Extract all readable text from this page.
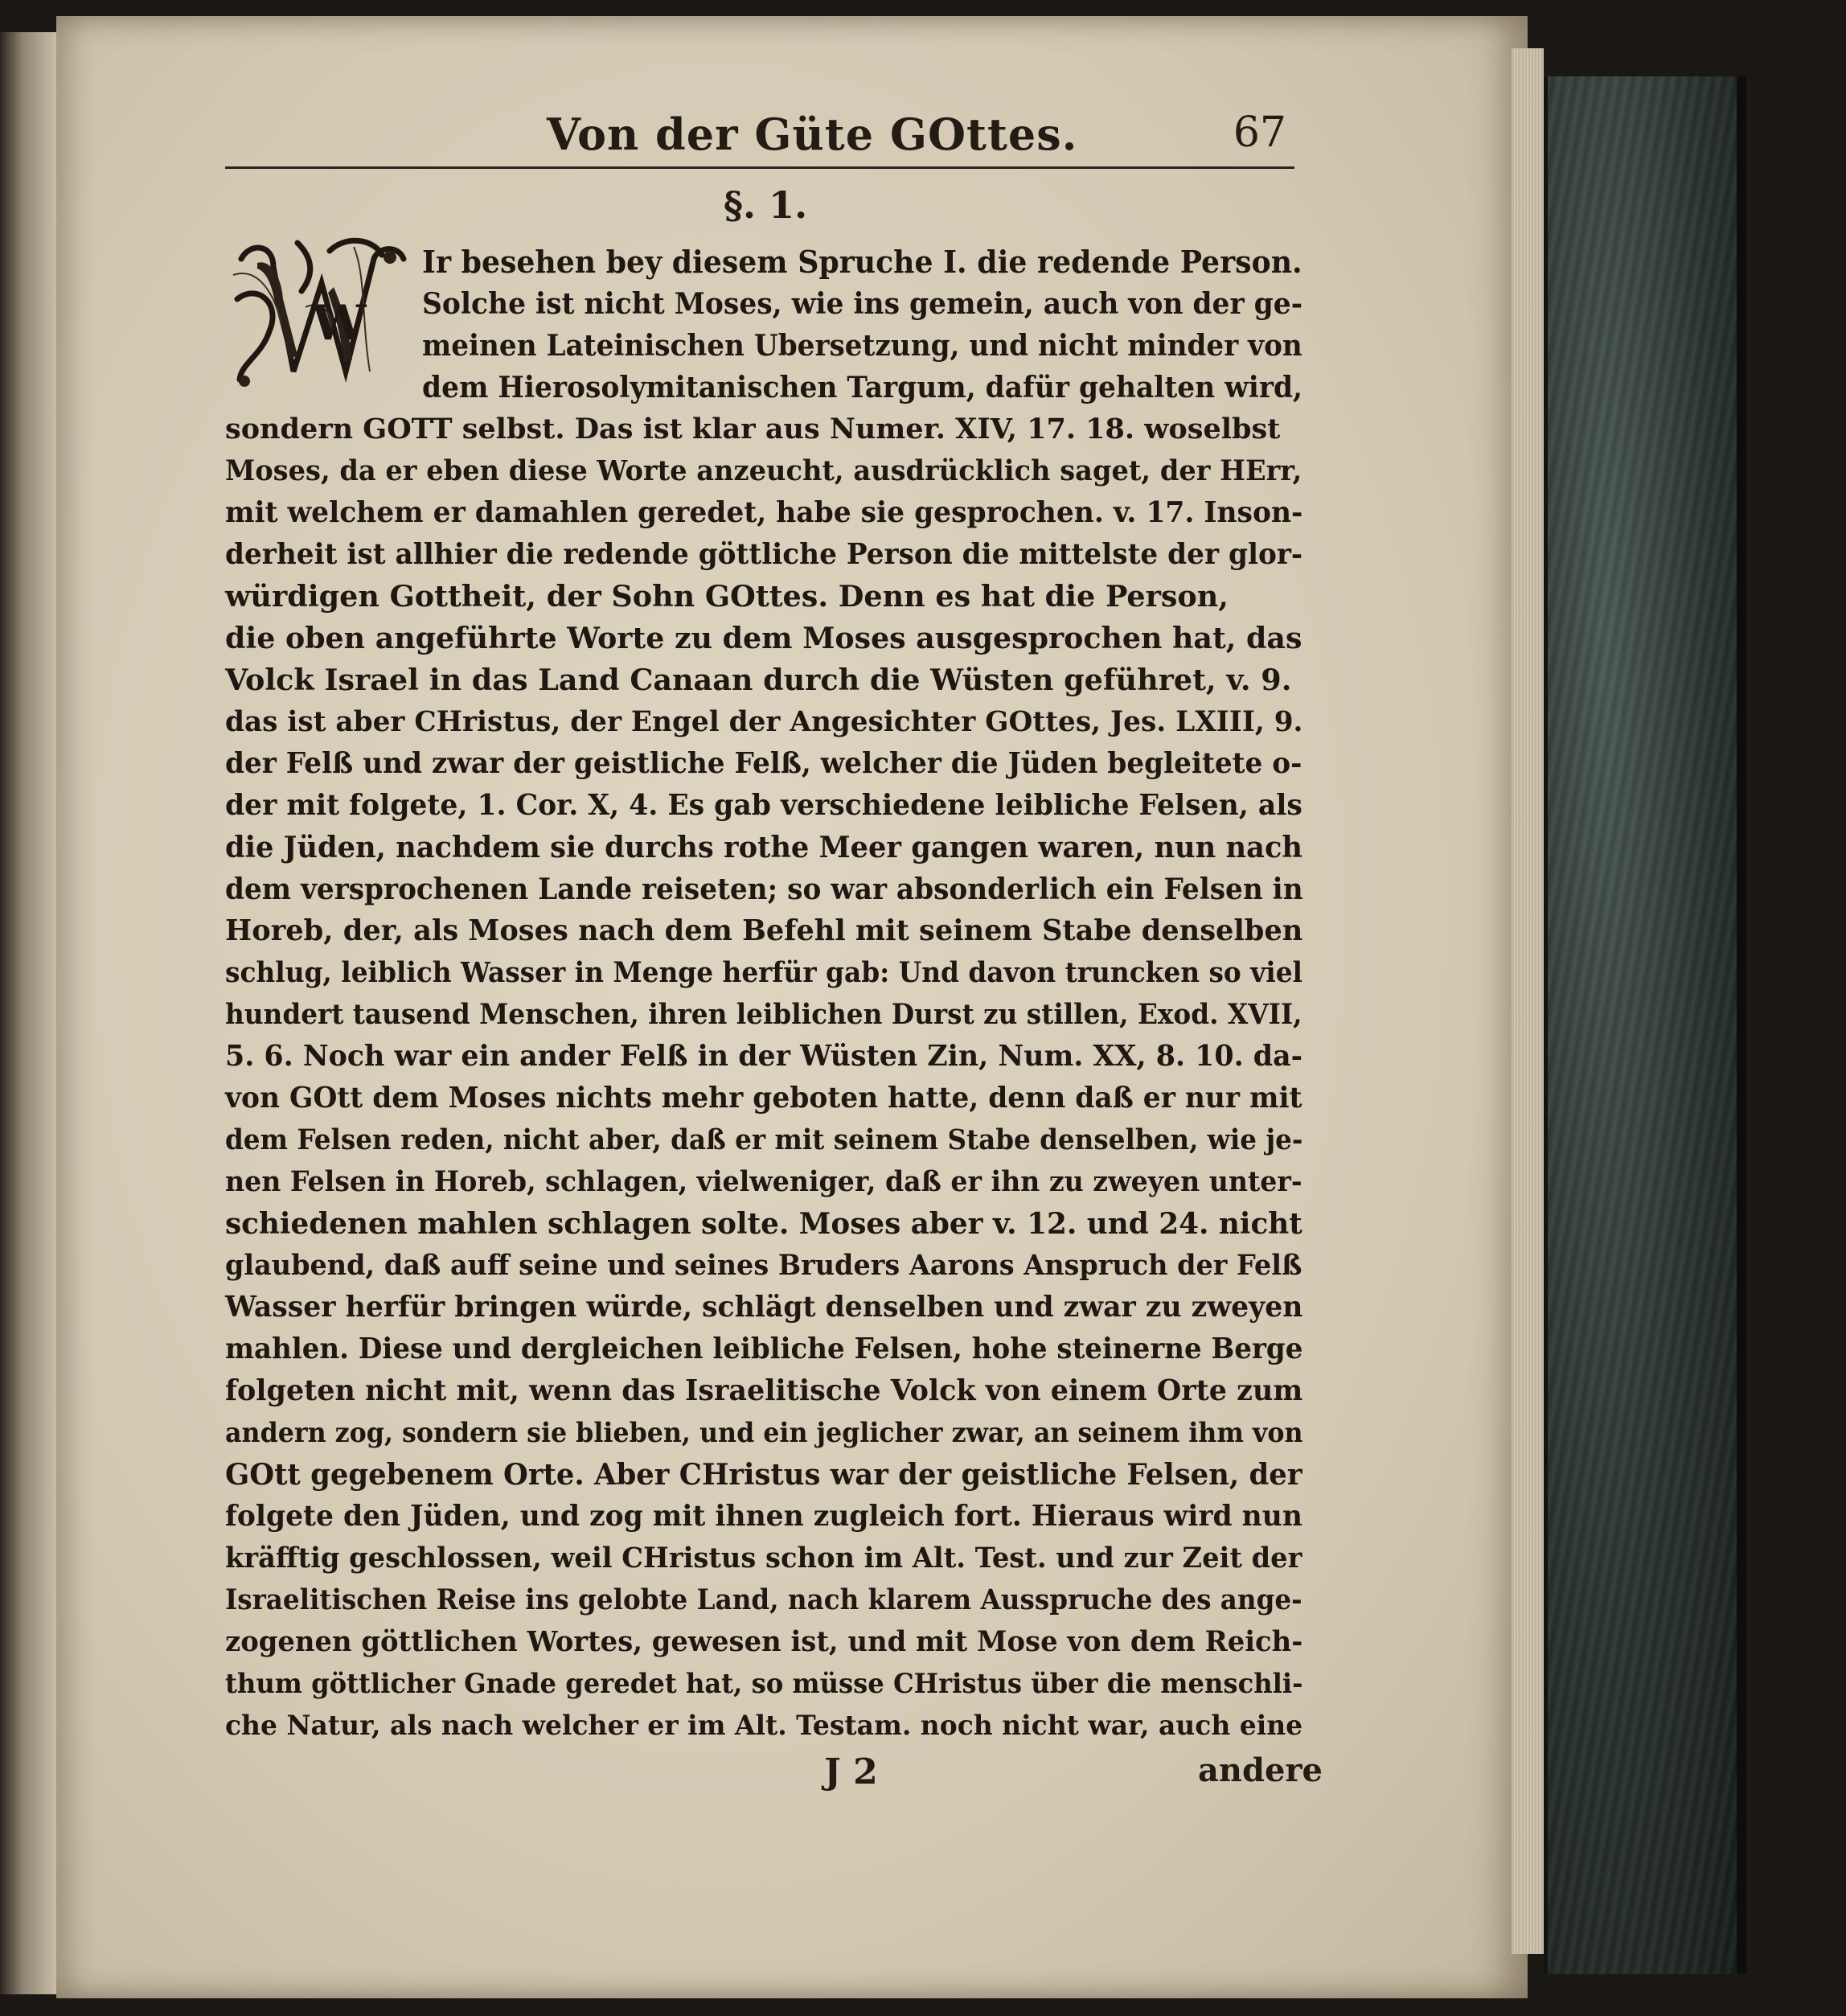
Von der Güte GOttes.	67
§. 1.
W
Ir besehen bey diesem Spruche I. die redende Person.
Solche ist nicht Moses, wie ins gemein, auch von der ge-
meinen Lateinischen Ubersetzung, und nicht minder von
dem Hierosolymitanischen Targum, dafür gehalten wird,
sondern GOTT selbst. Das ist klar aus Numer. XIV, 17. 18. woselbst
Moses, da er eben diese Worte anzeucht, ausdrücklich saget, der HErr,
mit welchem er damahlen geredet, habe sie gesprochen. v. 17. Inson-
derheit ist allhier die redende göttliche Person die mittelste der glor-
würdigen Gottheit, der Sohn GOttes. Denn es hat die Person,
die oben angeführte Worte zu dem Moses ausgesprochen hat, das
Volck Israel in das Land Canaan durch die Wüsten geführet, v. 9.
das ist aber CHristus, der Engel der Angesichter GOttes, Jes. LXIII, 9.
der Felß und zwar der geistliche Felß, welcher die Jüden begleitete o-
der mit folgete, 1. Cor. X, 4. Es gab verschiedene leibliche Felsen, als
die Jüden, nachdem sie durchs rothe Meer gangen waren, nun nach
dem versprochenen Lande reiseten; so war absonderlich ein Felsen in
Horeb, der, als Moses nach dem Befehl mit seinem Stabe denselben
schlug, leiblich Wasser in Menge herfür gab: Und davon truncken so viel
hundert tausend Menschen, ihren leiblichen Durst zu stillen, Exod. XVII,
5. 6. Noch war ein ander Felß in der Wüsten Zin, Num. XX, 8. 10. da-
von GOtt dem Moses nichts mehr geboten hatte, denn daß er nur mit
dem Felsen reden, nicht aber, daß er mit seinem Stabe denselben, wie je-
nen Felsen in Horeb, schlagen, vielweniger, daß er ihn zu zweyen unter-
schiedenen mahlen schlagen solte. Moses aber v. 12. und 24. nicht
glaubend, daß auff seine und seines Bruders Aarons Anspruch der Felß
Wasser herfür bringen würde, schlägt denselben und zwar zu zweyen
mahlen. Diese und dergleichen leibliche Felsen, hohe steinerne Berge
folgeten nicht mit, wenn das Israelitische Volck von einem Orte zum
andern zog, sondern sie blieben, und ein jeglicher zwar, an seinem ihm von
GOtt gegebenem Orte. Aber CHristus war der geistliche Felsen, der
folgete den Jüden, und zog mit ihnen zugleich fort. Hieraus wird nun
kräfftig geschlossen, weil CHristus schon im Alt. Test. und zur Zeit der
Israelitischen Reise ins gelobte Land, nach klarem Ausspruche des ange-
zogenen göttlichen Wortes, gewesen ist, und mit Mose von dem Reich-
thum göttlicher Gnade geredet hat, so müsse CHristus über die menschli-
che Natur, als nach welcher er im Alt. Testam. noch nicht war, auch eine
J 2	andere
